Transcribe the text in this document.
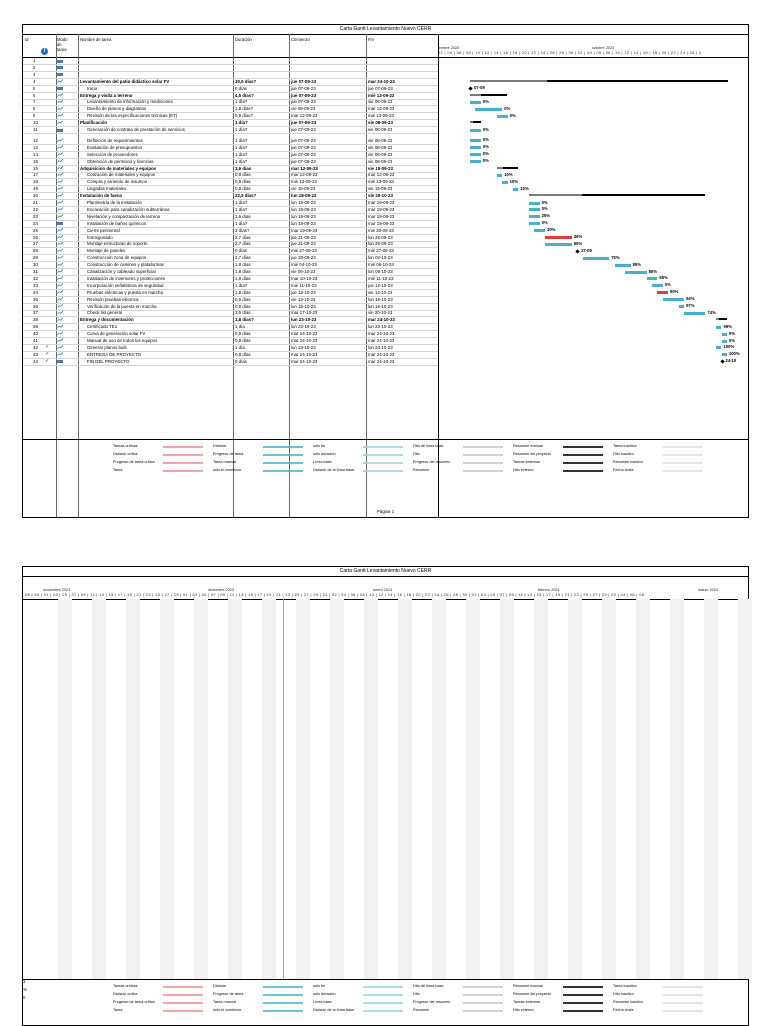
Carta Gantt Levantamiento Nuevo CERR
Id	Modo de tarea
Nombre de tarea	Duración	Comienzo	Fin
i	iembre 2023	octubre 2023
02 | 04 | 06 | 08 | 10 | 12 | 14 | 16 | 18 | 20 | 22 | 24 | 26 | 28 | 30 | 02 | 04 | 06 | 08 | 10 | 12 | 14 | 16 | 18 | 20 | 22 | 24 | 26 | 2
1
2
3
4	Levantamiento del patio didáctico solar FV	30,6 días?	jue 07-09-23	mar 24-10-23
5	Inicio	0 días	jue 07-09-23	jue 07-09-23
6	Entrega y visita a terreno	4,5 días?	jue 07-09-23	mié 13-09-23
7	Levantamiento de información y mediciones	1 día?	jue 07-09-23	vie 08-09-23
8	Diseño de planos y diagramas	1,8 días?	vie 08-09-23	mar 12-09-23
9	Revisión de las especificaciones técnicas (ET)	0,9 días?	mar 12-09-23	mié 13-09-23
10	Planificación	1 día?	jue 07-09-23	vie 08-09-23
11	Generación de contrato de prestación de servicios	1 día?	jue 07-09-23	vie 08-09-23
12	Definición de requerimientos	1 día?	jue 07-09-23	vie 08-09-23
13	Evaluación de presupuestos	1 día?	jue 07-09-23	vie 08-09-23
14	Selección de proveedores	1 día?	jue 07-09-23	vie 08-09-23
15	Obtención de permisos y licencias	1 día?	jue 07-09-23	vie 08-09-23
16	Adquisicion de materiales y equipos	3,6 días	mar 12-09-23	vie 15-09-23
17	Cotización de materiales y equipos	0,8 días	mar 12-09-23	mar 12-09-23
18	Compra y arriendo de insumos	0,8 días	mié 13-09-23	mié 13-09-23
19	Llegadas materiales	0,8 días	vie 15-09-23	vie 15-09-23
20	Instalación de faena	22,5 días?	lun 18-09-23	vie 20-10-23
21	Planimetría de la instalación	1 día?	lun 18-09-23	mar 19-09-23
22	Excavación para canalización subterránea	1 día?	lun 18-09-23	mar 19-09-23
23	Nivelación y compactación de terreno	1,6 días	lun 18-09-23	mar 19-09-23
24	Instalación de baños químicos	1 día?	lun 18-09-23	mar 19-09-23
25	Cierre perimetral	3 días?	mar 19-09-23	mié 20-09-23
26	hormigonado	2,7 días	jue 21-09-23	lun 25-09-23
27	Montaje estructuras de soporte	2,7 días	jue 21-09-23	lun 25-09-23
28	Montaje de paneles	0 días	mié 27-09-23	mié 27-09-23
29	Construcción zona de equipos	2,7 días	jue 28-09-23	lun 02-10-23
30	Construcción de caminos y plataformas	1,8 días	mié 04-10-23	mié 06-10-23
31	Canalización y cableado superficial	1,8 días	vie 06-10-23	lun 09-10-23
32	Instalación de inversores y protecciones	1,8 días	mar 10-10-23	mié 11-10-23
33	Incorporación señaléticas de seguridad	1 día?	mié 11-10-23	jue 12-10-23
34	Pruebas eléctricas y puesta en marcha	1,8 días	jue 12-10-23	vie 13-10-23
35	Revisión pruebas eléctrica	0,8 días	vie 13-10-23	lun 16-10-23
36	Verificación de la puesta en marcha	0,8 días	lun 16-10-23	lun 16-10-23
37	Check list general	3,6 días	mar 17-10-23	vie 20-10-23
38	Entrega y documentación	1,8 días?	lun 23-10-23	mar 24-10-23
39	Certificado TE1	1 día	lun 23-10-23	lun 23-10-23
40	Curva de generación solar FV	0,9 días	mar 24-10-23	mar 24-10-23
41	Manual de uso de todos los equipos	0,9 días	mar 24-10-23	mar 24-10-23
42 ✓	Generar planos built	1 día	lun 23-10-23	lun 23-10-23
43 ✓	ENTREGA DE PROYECTO	0,8 días	mar 24-10-23	mar 24-10-23
44 ✓	FIN DEL PROYECTO	0 días	mar 24-10-23	mar 24-10-23
07-09
0%
0%
0%
0%
0%
0%
0%
0%
10%
10%
10%
0%
0%
25%
0%
30%
36%
65%
27-09
75%
80%
85%
65%
0%
90%
94%
97%
74%
99%
0%
0%
100%
100%
24-10
Tareas críticas	División	sólo fin	Hito de línea base	Resumen manual	Tarea inactiva
División crítica	Progreso de tarea	sólo duración	Hito	Resumen del proyecto	Hito inactivo
Progreso de tarea crítica	Tarea manual	Línea base	Progreso del resumen	Tareas externas	Resumen inactivo
Tarea	sólo el comienzo	División de la línea base	Resumen	Hito externo	Fecha límite
Página 1
Carta Gantt Levantamiento Nuevo CERR
noviembre 2023	diciembre 2023	enero 2024	febrero 2024	marzo 2024
28 | 30 | 01 | 03 | 05 | 07 | 09 | 11 | 13 | 15 | 17 | 19 | 21 | 23 | 25 | 27 | 29 | 01 | 03 | 05 | 07 | 09 | 11 | 13 | 15 | 17 | 19 | 21 | 23 | 25 | 27 | 29 | 31 | 02 | 04 | 06 | 08 | 10 | 12 | 14 | 16 | 18 | 20 | 22 | 24 | 26 | 28 | 30 | 01 | 03 | 05 | 07 | 09 | 11 | 13 | 15 | 17 | 19 | 21 | 23 | 25 | 27 | 29 | 02 | 04 | 06 | 08
1
%
0
Tareas críticas	División	sólo fin	Hito de línea base	Resumen manual	Tarea inactiva
División crítica	Progreso de tarea	sólo duración	Hito	Resumen del proyecto	Hito inactivo
Progreso de tarea crítica	Tarea manual	Línea base	Progreso del resumen	Tareas externas	Resumen inactivo
Tarea	sólo el comienzo	División de la línea base	Resumen	Hito externo	Fecha límite
